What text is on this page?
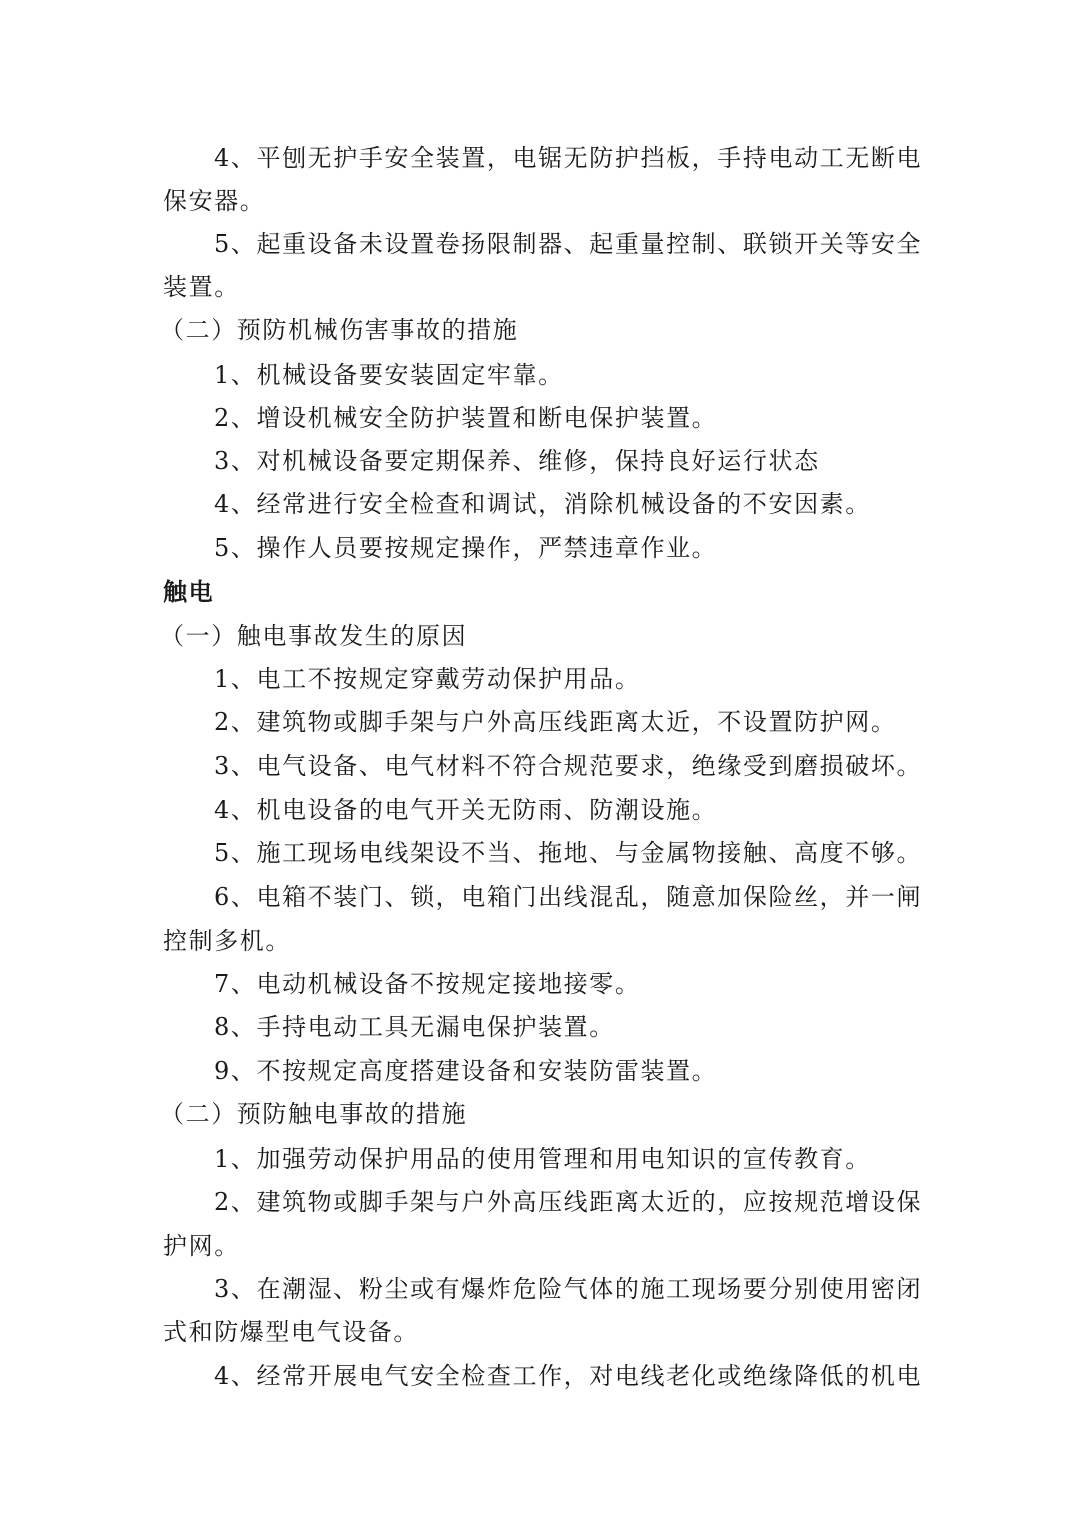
4、平刨无护手安全装置，电锯无防护挡板，手持电动工无断电
保安器。
5、起重设备未设置卷扬限制器、起重量控制、联锁开关等安全
装置。
（二）预防机械伤害事故的措施
1、机械设备要安装固定牢靠。
2、增设机械安全防护装置和断电保护装置。
3、对机械设备要定期保养、维修，保持良好运行状态
4、经常进行安全检查和调试，消除机械设备的不安因素。
5、操作人员要按规定操作，严禁违章作业。
触电
（一）触电事故发生的原因
1、电工不按规定穿戴劳动保护用品。
2、建筑物或脚手架与户外高压线距离太近，不设置防护网。
3、电气设备、电气材料不符合规范要求，绝缘受到磨损破坏。
4、机电设备的电气开关无防雨、防潮设施。
5、施工现场电线架设不当、拖地、与金属物接触、高度不够。
6、电箱不装门、锁，电箱门出线混乱，随意加保险丝，并一闸
控制多机。
7、电动机械设备不按规定接地接零。
8、手持电动工具无漏电保护装置。
9、不按规定高度搭建设备和安装防雷装置。
（二）预防触电事故的措施
1、加强劳动保护用品的使用管理和用电知识的宣传教育。
2、建筑物或脚手架与户外高压线距离太近的，应按规范增设保
护网。
3、在潮湿、粉尘或有爆炸危险气体的施工现场要分别使用密闭
式和防爆型电气设备。
4、经常开展电气安全检查工作，对电线老化或绝缘降低的机电
